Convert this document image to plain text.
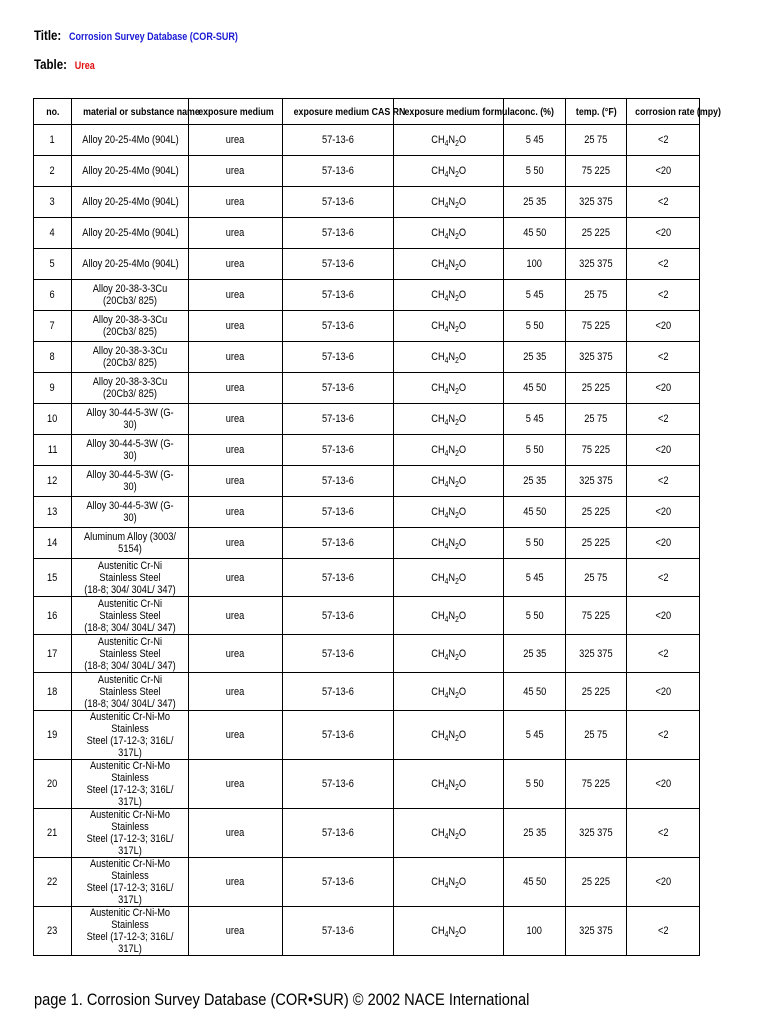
Title: Corrosion Survey Database (COR-SUR)
Table: Urea
no.	material or substance name	exposure medium	exposure medium CAS RN	exposure medium formula	conc. (%)	temp. (°F)	corrosion rate (mpy)
1	Alloy 20-25-4Mo (904L)	urea	57-13-6	$CH_4N_2O$	5 45	25 75	<2
2	Alloy 20-25-4Mo (904L)	urea	57-13-6	$CH_4N_2O$	5 50	75 225	<20
3	Alloy 20-25-4Mo (904L)	urea	57-13-6	$CH_4N_2O$	25 35	325 375	<2
4	Alloy 20-25-4Mo (904L)	urea	57-13-6	$CH_4N_2O$	45 50	25 225	<20
5	Alloy 20-25-4Mo (904L)	urea	57-13-6	$CH_4N_2O$	100	325 375	<2
6	Alloy 20-38-3-3Cu (20Cb3/ 825)	urea	57-13-6	$CH_4N_2O$	5 45	25 75	<2
7	Alloy 20-38-3-3Cu (20Cb3/ 825)	urea	57-13-6	$CH_4N_2O$	5 50	75 225	<20
8	Alloy 20-38-3-3Cu (20Cb3/ 825)	urea	57-13-6	$CH_4N_2O$	25 35	325 375	<2
9	Alloy 20-38-3-3Cu (20Cb3/ 825)	urea	57-13-6	$CH_4N_2O$	45 50	25 225	<20
10	Alloy 30-44-5-3W (G-30)	urea	57-13-6	$CH_4N_2O$	5 45	25 75	<2
11	Alloy 30-44-5-3W (G-30)	urea	57-13-6	$CH_4N_2O$	5 50	75 225	<20
12	Alloy 30-44-5-3W (G-30)	urea	57-13-6	$CH_4N_2O$	25 35	325 375	<2
13	Alloy 30-44-5-3W (G-30)	urea	57-13-6	$CH_4N_2O$	45 50	25 225	<20
14	Aluminum Alloy (3003/ 5154)	urea	57-13-6	$CH_4N_2O$	5 50	25 225	<20
15	Austenitic Cr-Ni Stainless Steel
(18-8; 304/ 304L/ 347)	urea	57-13-6	$CH_4N_2O$	5 45	25 75	<2
16	Austenitic Cr-Ni Stainless Steel
(18-8; 304/ 304L/ 347)	urea	57-13-6	$CH_4N_2O$	5 50	75 225	<20
17	Austenitic Cr-Ni Stainless Steel
(18-8; 304/ 304L/ 347)	urea	57-13-6	$CH_4N_2O$	25 35	325 375	<2
18	Austenitic Cr-Ni Stainless Steel
(18-8; 304/ 304L/ 347)	urea	57-13-6	$CH_4N_2O$	45 50	25 225	<20
19	Austenitic Cr-Ni-Mo Stainless
Steel (17-12-3; 316L/ 317L)	urea	57-13-6	$CH_4N_2O$	5 45	25 75	<2
20	Austenitic Cr-Ni-Mo Stainless
Steel (17-12-3; 316L/ 317L)	urea	57-13-6	$CH_4N_2O$	5 50	75 225	<20
21	Austenitic Cr-Ni-Mo Stainless
Steel (17-12-3; 316L/ 317L)	urea	57-13-6	$CH_4N_2O$	25 35	325 375	<2
22	Austenitic Cr-Ni-Mo Stainless
Steel (17-12-3; 316L/ 317L)	urea	57-13-6	$CH_4N_2O$	45 50	25 225	<20
23	Austenitic Cr-Ni-Mo Stainless
Steel (17-12-3; 316L/ 317L)	urea	57-13-6	$CH_4N_2O$	100	325 375	<2
page 1. Corrosion Survey Database (COR•SUR) © 2002 NACE International
